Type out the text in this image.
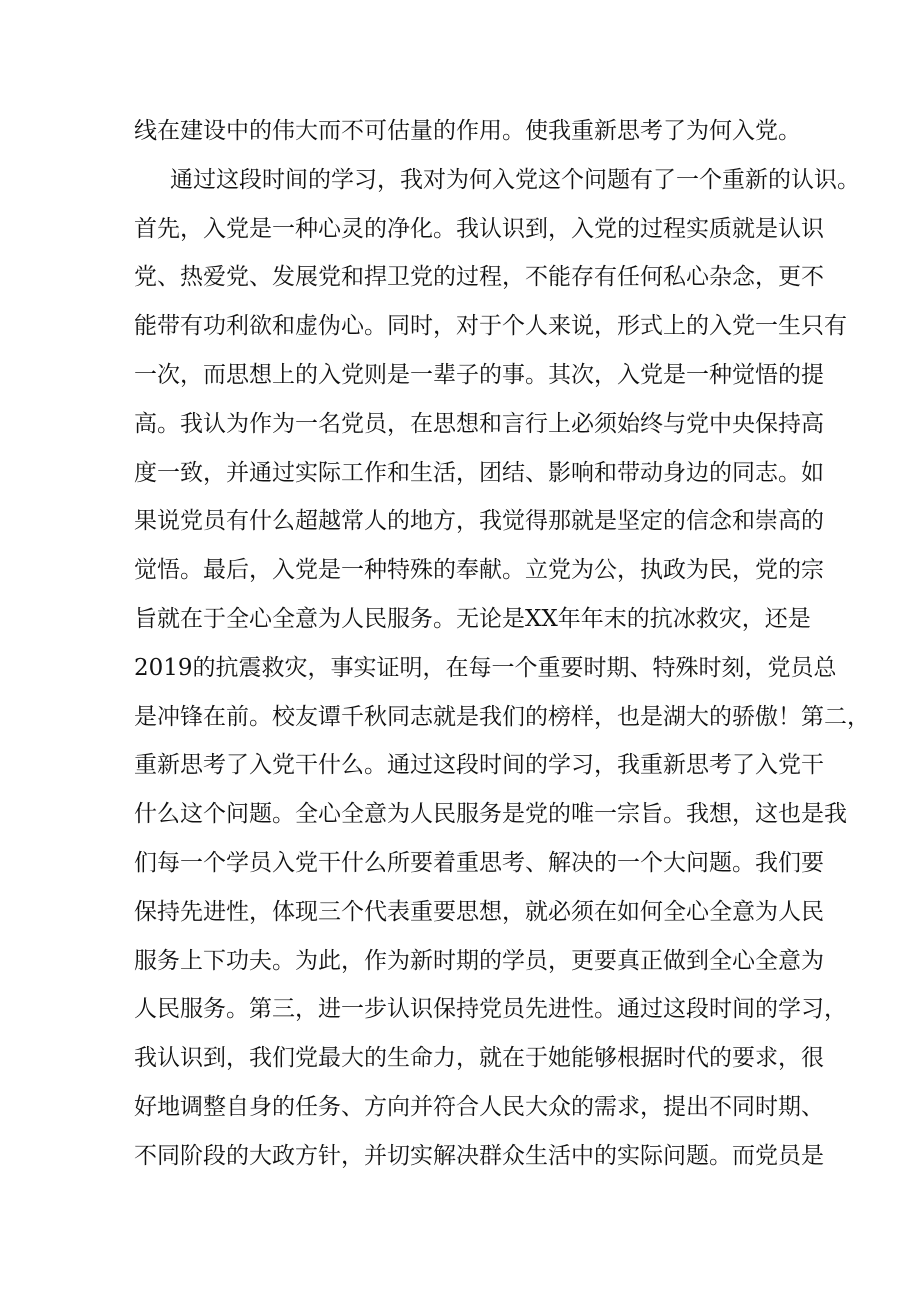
线在建设中的伟大而不可估量的作用。使我重新思考了为何入党。
通过这段时间的学习，我对为何入党这个问题有了一个重新的认识。
首先，入党是一种心灵的净化。我认识到，入党的过程实质就是认识
党、热爱党、发展党和捍卫党的过程，不能存有任何私心杂念，更不
能带有功利欲和虚伪心。同时，对于个人来说，形式上的入党一生只有
一次，而思想上的入党则是一辈子的事。其次，入党是一种觉悟的提
高。我认为作为一名党员，在思想和言行上必须始终与党中央保持高
度一致，并通过实际工作和生活，团结、影响和带动身边的同志。如
果说党员有什么超越常人的地方，我觉得那就是坚定的信念和崇高的
觉悟。最后，入党是一种特殊的奉献。立党为公，执政为民，党的宗
旨就在于全心全意为人民服务。无论是XX年年末的抗冰救灾，还是
2019的抗震救灾，事实证明，在每一个重要时期、特殊时刻，党员总
是冲锋在前。校友谭千秋同志就是我们的榜样，也是湖大的骄傲！第二，
重新思考了入党干什么。通过这段时间的学习，我重新思考了入党干
什么这个问题。全心全意为人民服务是党的唯一宗旨。我想，这也是我
们每一个学员入党干什么所要着重思考、解决的一个大问题。我们要
保持先进性，体现三个代表重要思想，就必须在如何全心全意为人民
服务上下功夫。为此，作为新时期的学员，更要真正做到全心全意为
人民服务。第三，进一步认识保持党员先进性。通过这段时间的学习，
我认识到，我们党最大的生命力，就在于她能够根据时代的要求，很
好地调整自身的任务、方向并符合人民大众的需求，提出不同时期、
不同阶段的大政方针，并切实解决群众生活中的实际问题。而党员是
